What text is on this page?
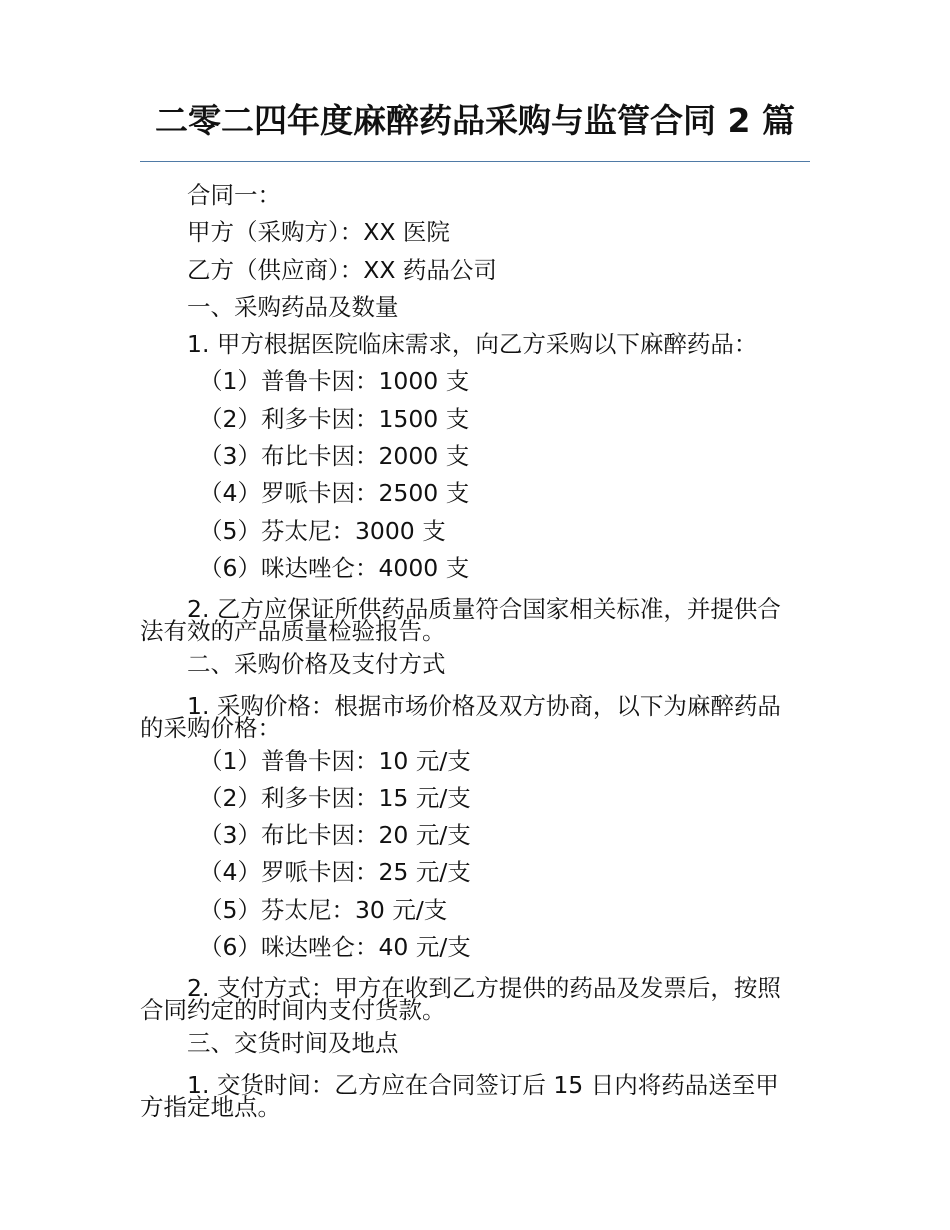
二零二四年度麻醉药品采购与监管合同 2 篇
合同一：
甲方（采购方）：XX 医院
乙方（供应商）：XX 药品公司
一、采购药品及数量
1. 甲方根据医院临床需求，向乙方采购以下麻醉药品：
（1）普鲁卡因：1000 支
（2）利多卡因：1500 支
（3）布比卡因：2000 支
（4）罗哌卡因：2500 支
（5）芬太尼：3000 支
（6）咪达唑仑：4000 支
2. 乙方应保证所供药品质量符合国家相关标准，并提供合
法有效的产品质量检验报告。
二、采购价格及支付方式
1. 采购价格：根据市场价格及双方协商，以下为麻醉药品
的采购价格：
（1）普鲁卡因：10 元/支
（2）利多卡因：15 元/支
（3）布比卡因：20 元/支
（4）罗哌卡因：25 元/支
（5）芬太尼：30 元/支
（6）咪达唑仑：40 元/支
2. 支付方式：甲方在收到乙方提供的药品及发票后，按照
合同约定的时间内支付货款。
三、交货时间及地点
1. 交货时间：乙方应在合同签订后 15 日内将药品送至甲
方指定地点。
